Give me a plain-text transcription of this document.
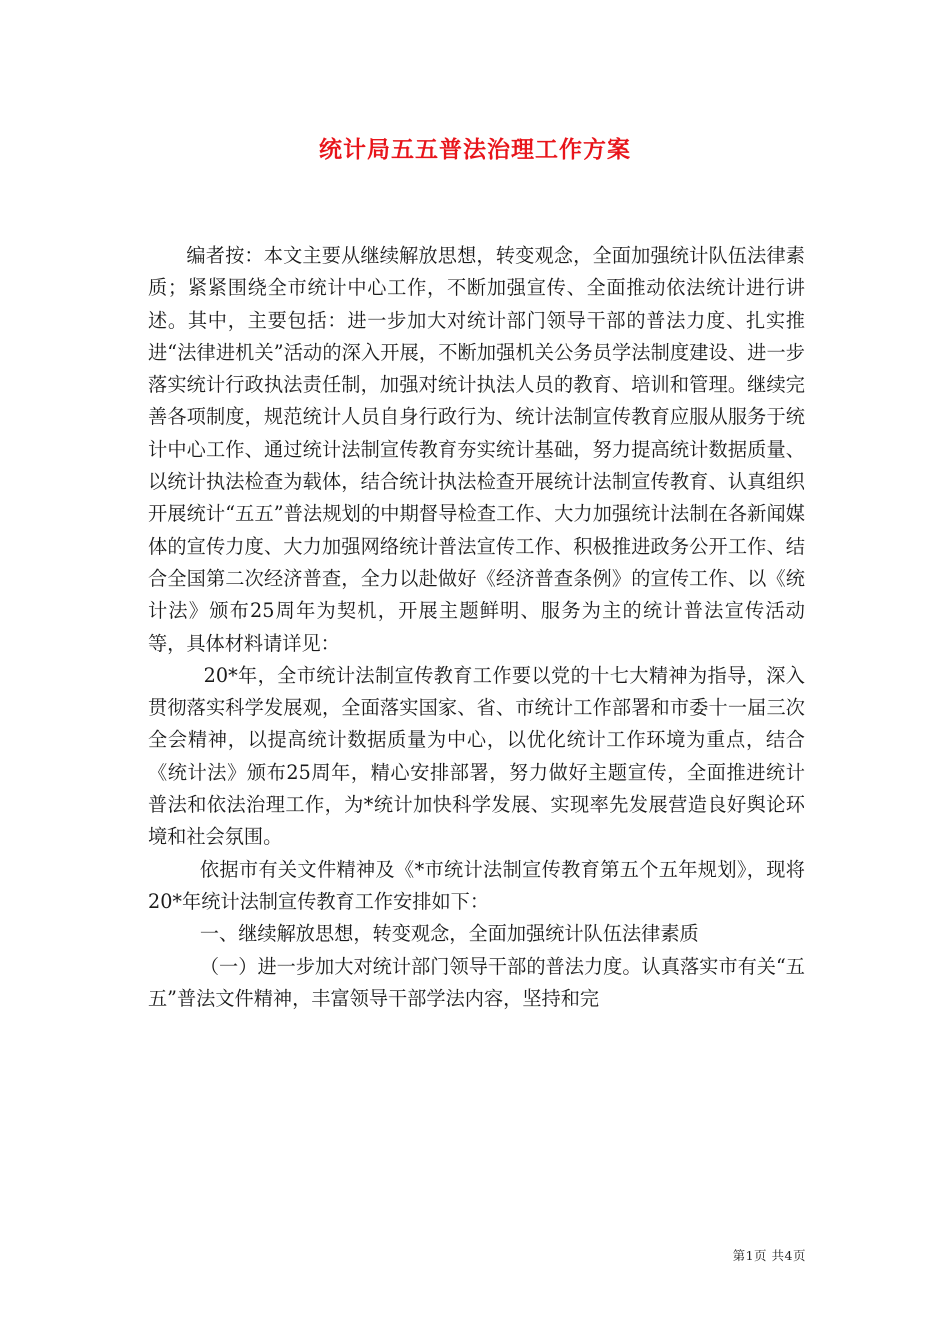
统计局五五普法治理工作方案

编者按：本文主要从继续解放思想，转变观念，全面加强统计队伍法律素质；紧紧围绕全市统计中心工作，不断加强宣传、全面推动依法统计进行讲述。其中，主要包括：进一步加大对统计部门领导干部的普法力度、扎实推进“法律进机关”活动的深入开展，不断加强机关公务员学法制度建设、进一步落实统计行政执法责任制，加强对统计执法人员的教育、培训和管理。继续完善各项制度，规范统计人员自身行政行为、统计法制宣传教育应服从服务于统计中心工作、通过统计法制宣传教育夯实统计基础，努力提高统计数据质量、以统计执法检查为载体，结合统计执法检查开展统计法制宣传教育、认真组织开展统计“五五”普法规划的中期督导检查工作、大力加强统计法制在各新闻媒体的宣传力度、大力加强网络统计普法宣传工作、积极推进政务公开工作、结合全国第二次经济普查，全力以赴做好《经济普查条例》的宣传工作、以《统计法》颁布25周年为契机，开展主题鲜明、服务为主的统计普法宣传活动等，具体材料请详见：

20*年，全市统计法制宣传教育工作要以党的十七大精神为指导，深入贯彻落实科学发展观，全面落实国家、省、市统计工作部署和市委十一届三次全会精神，以提高统计数据质量为中心，以优化统计工作环境为重点，结合《统计法》颁布25周年，精心安排部署，努力做好主题宣传，全面推进统计普法和依法治理工作，为*统计加快科学发展、实现率先发展营造良好舆论环境和社会氛围。

依据市有关文件精神及《*市统计法制宣传教育第五个五年规划》，现将20*年统计法制宣传教育工作安排如下：

一、继续解放思想，转变观念，全面加强统计队伍法律素质

（一）进一步加大对统计部门领导干部的普法力度。认真落实市有关“五五”普法文件精神，丰富领导干部学法内容，坚持和完

第1页 共4页
